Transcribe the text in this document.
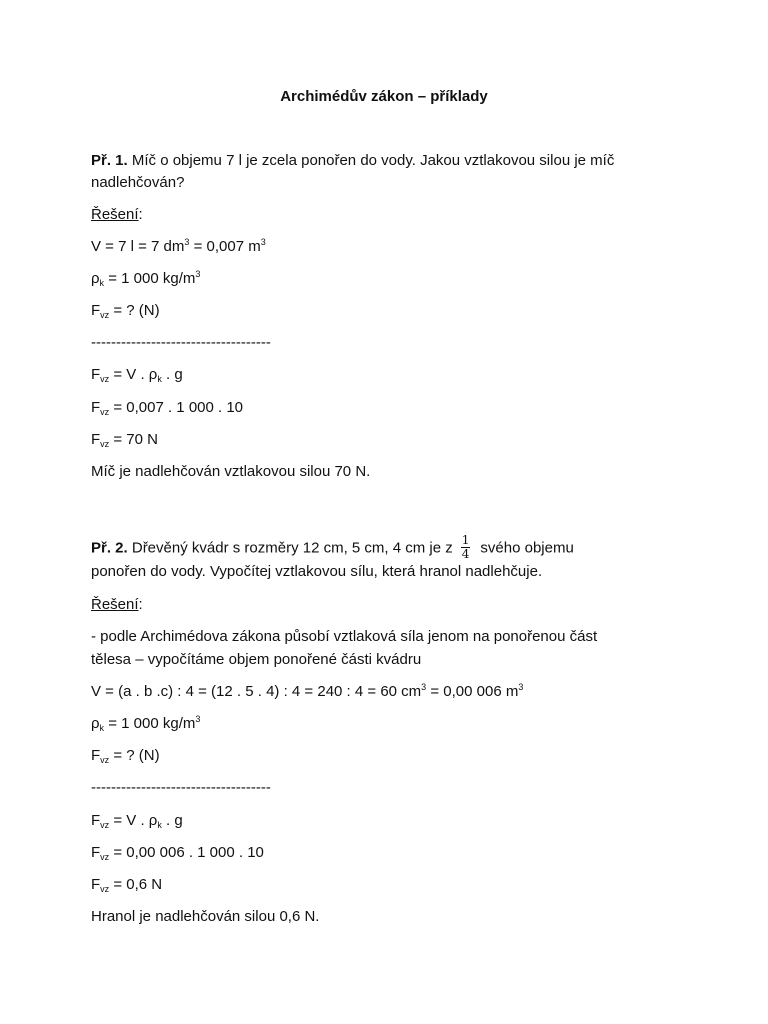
Archimédův zákon – příklady
Př. 1. Míč o objemu 7 l je zcela ponořen do vody. Jakou vztlakovou silou je míč
nadlehčován?
Řešení:
V = 7 l = 7 $dm^3 = 0,007$ $m^3$
$\rho_k = 1$ 000 $kg/m^3$
$F_{vz}$ = ? (N)
------------------------------------
$F_{vz} = V$ . $\rho_k$ . g
$F_{vz} = 0,007$ . 1 000 . 10
$F_{vz} = 70$ N
Míč je nadlehčován vztlakovou silou 70 N.
Př. 2. Dřevěný kvádr s rozměry 12 cm, 5 cm, 4 cm je z $\frac{1}{4}$ svého objemu
ponořen do vody. Vypočítej vztlakovou sílu, která hranol nadlehčuje.
Řešení:
- podle Archimédova zákona působí vztlaková síla jenom na ponořenou část
tělesa – vypočítáme objem ponořené části kvádru
V = (a . b .c) : 4 = (12 . 5 . 4) : 4 = 240 : 4 = 60 $cm^3 = 0,00$ 006 $m^3$
$\rho_k = 1$ 000 $kg/m^3$
$F_{vz}$ = ? (N)
------------------------------------
$F_{vz} = V$ . $\rho_k$ . g
$F_{vz} = 0,00$ 006 . 1 000 . 10
$F_{vz} = 0,6$ N
Hranol je nadlehčován silou 0,6 N.
